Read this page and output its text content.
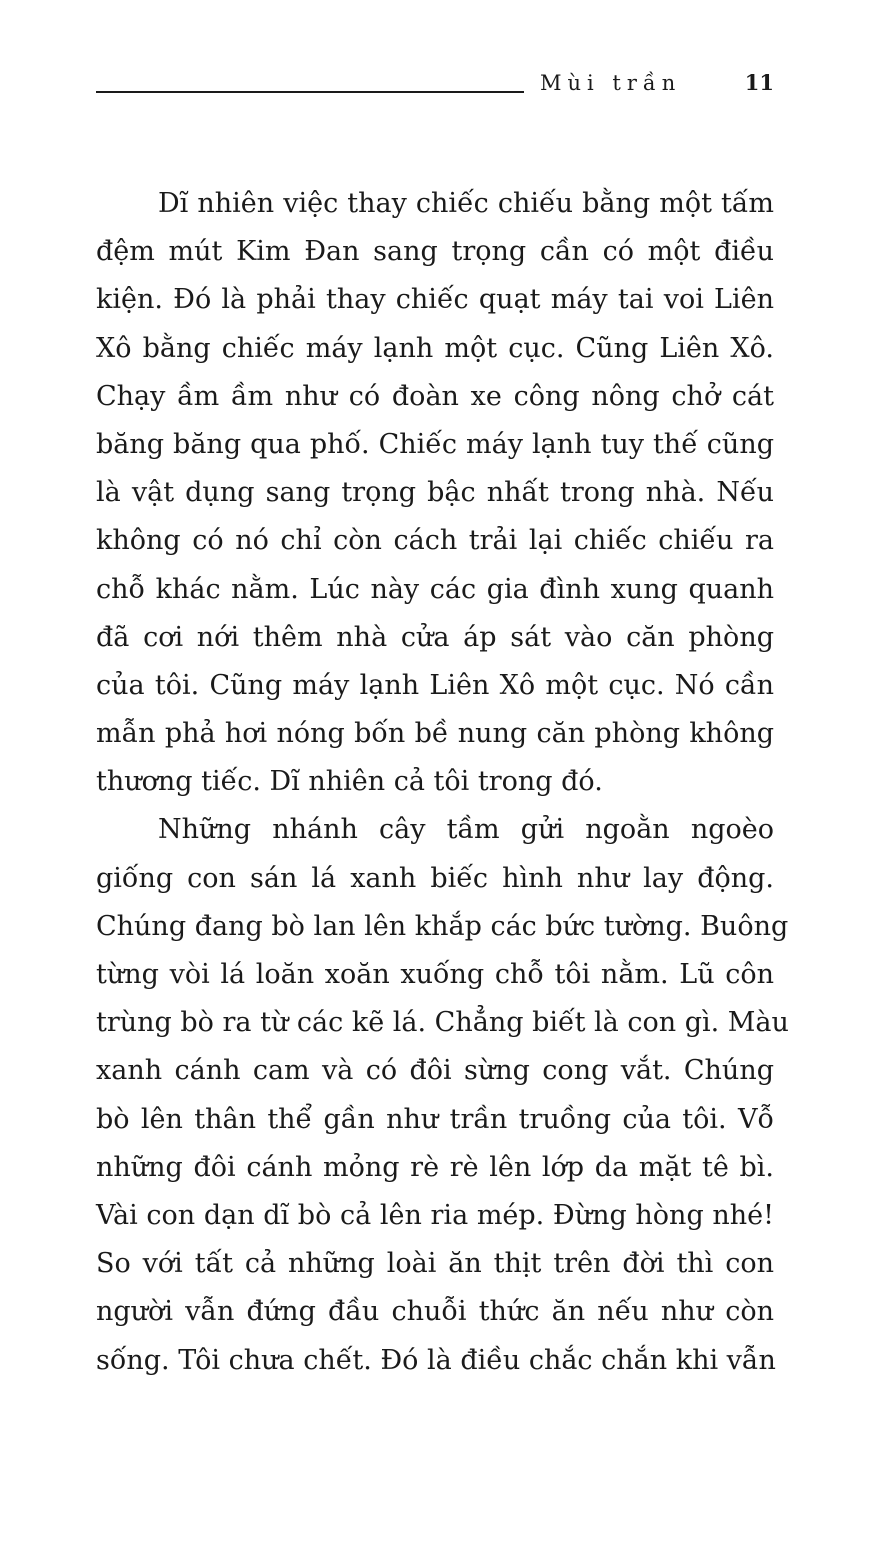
Mùi trần	11
Dĩ nhiên việc thay chiếc chiếu bằng một tấm
đệm mút Kim Đan sang trọng cần có một điều
kiện. Đó là phải thay chiếc quạt máy tai voi Liên
Xô bằng chiếc máy lạnh một cục. Cũng Liên Xô.
Chạy ầm ầm như có đoàn xe công nông chở cát
băng băng qua phố. Chiếc máy lạnh tuy thế cũng
là vật dụng sang trọng bậc nhất trong nhà. Nếu
không có nó chỉ còn cách trải lại chiếc chiếu ra
chỗ khác nằm. Lúc này các gia đình xung quanh
đã cơi nới thêm nhà cửa áp sát vào căn phòng
của tôi. Cũng máy lạnh Liên Xô một cục. Nó cần
mẫn phả hơi nóng bốn bề nung căn phòng không
thương tiếc. Dĩ nhiên cả tôi trong đó.
Những nhánh cây tầm gửi ngoằn ngoèo
giống con sán lá xanh biếc hình như lay động.
Chúng đang bò lan lên khắp các bức tường. Buông
từng vòi lá loăn xoăn xuống chỗ tôi nằm. Lũ côn
trùng bò ra từ các kẽ lá. Chẳng biết là con gì. Màu
xanh cánh cam và có đôi sừng cong vắt. Chúng
bò lên thân thể gần như trần truồng của tôi. Vỗ
những đôi cánh mỏng rè rè lên lớp da mặt tê bì.
Vài con dạn dĩ bò cả lên ria mép. Đừng hòng nhé!
So với tất cả những loài ăn thịt trên đời thì con
người vẫn đứng đầu chuỗi thức ăn nếu như còn
sống. Tôi chưa chết. Đó là điều chắc chắn khi vẫn
